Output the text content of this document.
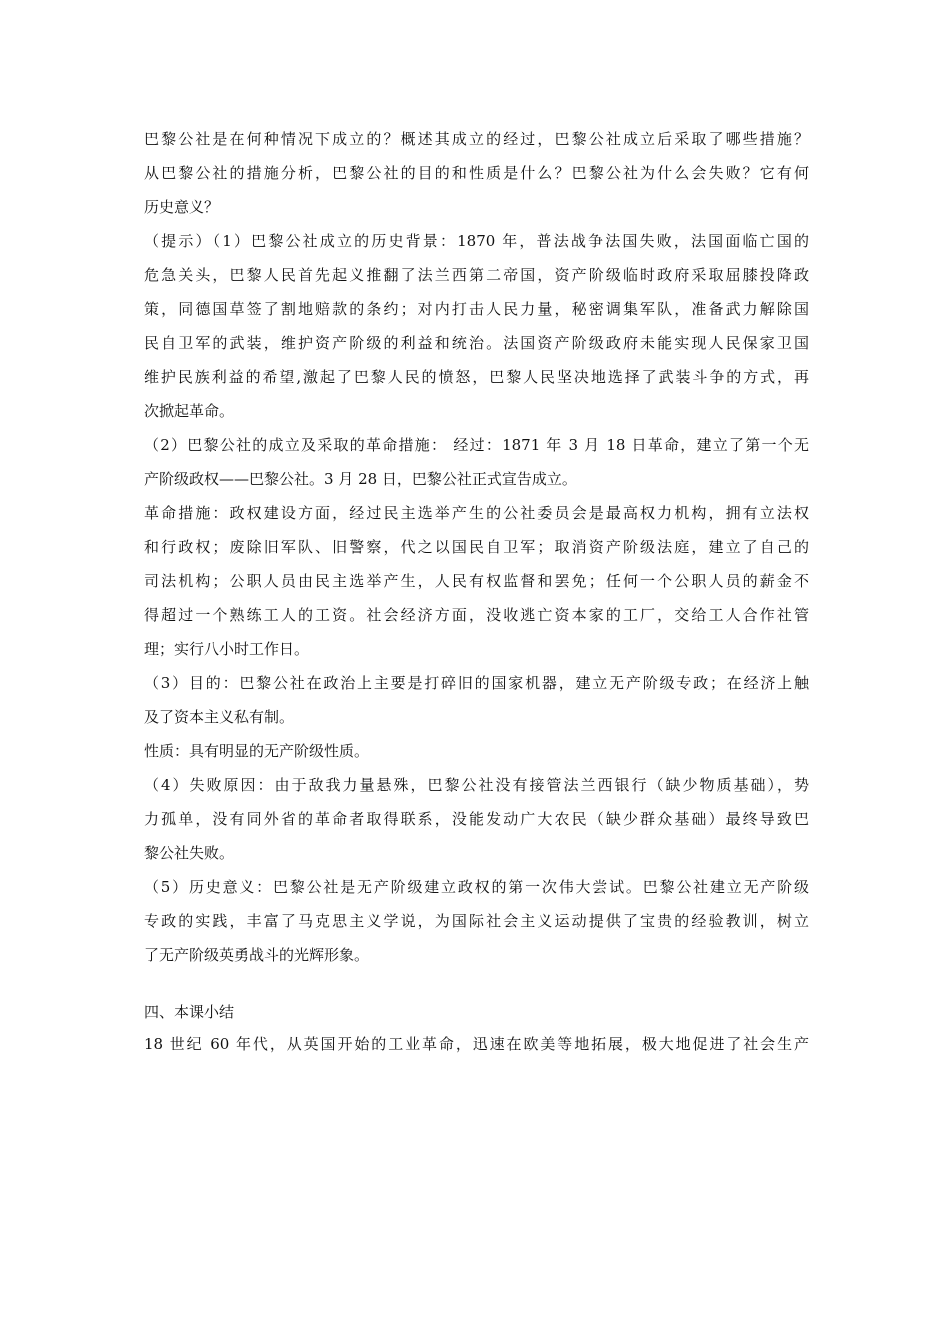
巴黎公社是在何种情况下成立的？概述其成立的经过，巴黎公社成立后采取了哪些措施？
从巴黎公社的措施分析，巴黎公社的目的和性质是什么？巴黎公社为什么会失败？它有何
历史意义？
（提示）（1）巴黎公社成立的历史背景：1870 年，普法战争法国失败，法国面临亡国的
危急关头，巴黎人民首先起义推翻了法兰西第二帝国，资产阶级临时政府采取屈膝投降政
策，同德国草签了割地赔款的条约；对内打击人民力量，秘密调集军队，准备武力解除国
民自卫军的武装，维护资产阶级的利益和统治。法国资产阶级政府未能实现人民保家卫国
维护民族利益的希望,激起了巴黎人民的愤怒，巴黎人民坚决地选择了武装斗争的方式，再
次掀起革命。
（2）巴黎公社的成立及采取的革命措施： 经过：1871 年 3 月 18 日革命，建立了第一个无
产阶级政权——巴黎公社。3 月 28 日，巴黎公社正式宣告成立。
革命措施：政权建设方面，经过民主选举产生的公社委员会是最高权力机构，拥有立法权
和行政权；废除旧军队、旧警察，代之以国民自卫军；取消资产阶级法庭，建立了自己的
司法机构；公职人员由民主选举产生，人民有权监督和罢免；任何一个公职人员的薪金不
得超过一个熟练工人的工资。社会经济方面，没收逃亡资本家的工厂，交给工人合作社管
理；实行八小时工作日。
（3）目的：巴黎公社在政治上主要是打碎旧的国家机器，建立无产阶级专政；在经济上触
及了资本主义私有制。
性质：具有明显的无产阶级性质。
（4）失败原因：由于敌我力量悬殊，巴黎公社没有接管法兰西银行（缺少物质基础），势
力孤单，没有同外省的革命者取得联系，没能发动广大农民（缺少群众基础）最终导致巴
黎公社失败。
（5）历史意义：巴黎公社是无产阶级建立政权的第一次伟大尝试。巴黎公社建立无产阶级
专政的实践，丰富了马克思主义学说，为国际社会主义运动提供了宝贵的经验教训，树立
了无产阶级英勇战斗的光辉形象。
四、本课小结
18 世纪 60 年代，从英国开始的工业革命，迅速在欧美等地拓展，极大地促进了社会生产
